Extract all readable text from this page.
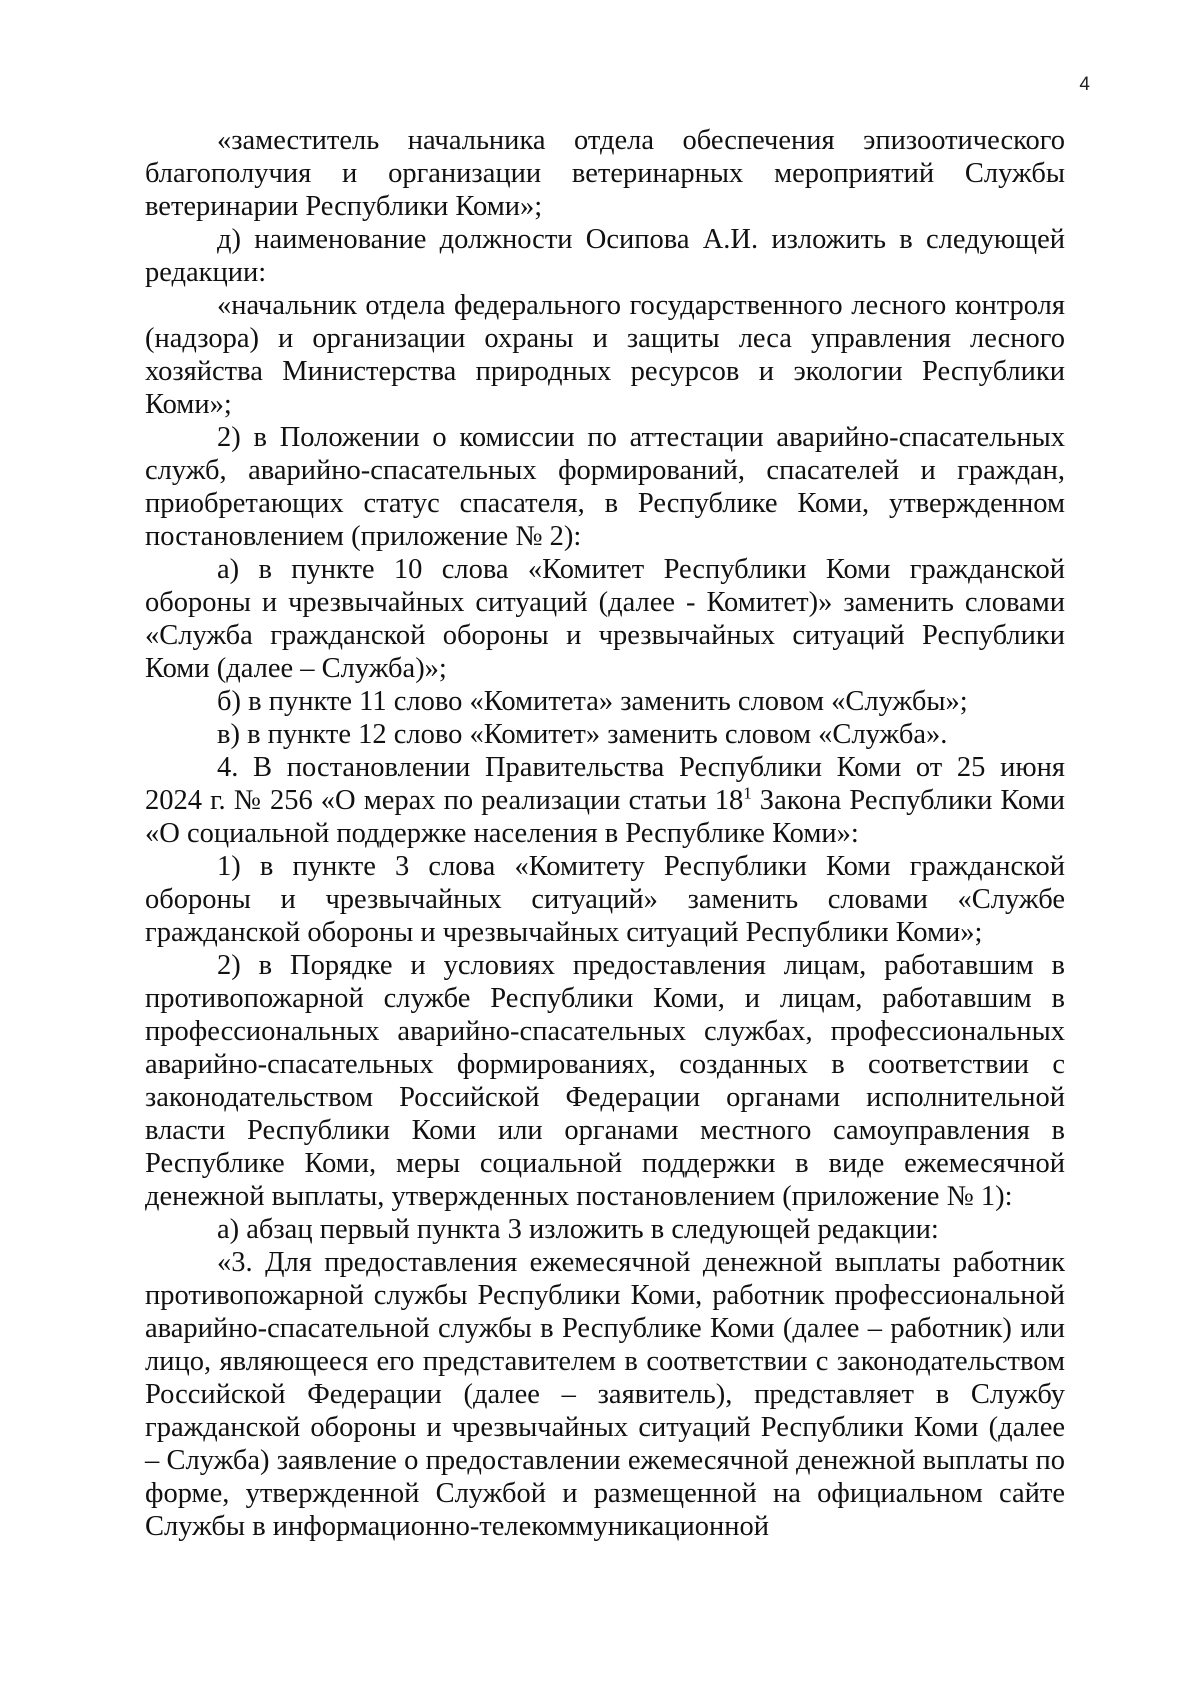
4

«заместитель начальника отдела обеспечения эпизоотического благополучия и организации ветеринарных мероприятий Службы ветеринарии Республики Коми»;

д) наименование должности Осипова А.И. изложить в следующей редакции:

«начальник отдела федерального государственного лесного контроля (надзора) и организации охраны и защиты леса управления лесного хозяйства Министерства природных ресурсов и экологии Республики Коми»;

2) в Положении о комиссии по аттестации аварийно-спасательных служб, аварийно-спасательных формирований, спасателей и граждан, приобретающих статус спасателя, в Республике Коми, утвержденном постановлением (приложение № 2):

а) в пункте 10 слова «Комитет Республики Коми гражданской обороны и чрезвычайных ситуаций (далее - Комитет)» заменить словами «Служба гражданской обороны и чрезвычайных ситуаций Республики Коми (далее – Служба)»;

б) в пункте 11 слово «Комитета» заменить словом «Службы»;

в) в пункте 12 слово «Комитет» заменить словом «Служба».

4. В постановлении Правительства Республики Коми от 25 июня 2024 г. № 256 «О мерах по реализации статьи $18^1$ Закона Республики Коми «О социальной поддержке населения в Республике Коми»:

1) в пункте 3 слова «Комитету Республики Коми гражданской обороны и чрезвычайных ситуаций» заменить словами «Службе гражданской обороны и чрезвычайных ситуаций Республики Коми»;

2) в Порядке и условиях предоставления лицам, работавшим в противопожарной службе Республики Коми, и лицам, работавшим в профессиональных аварийно-спасательных службах, профессиональных аварийно-спасательных формированиях, созданных в соответствии с законодательством Российской Федерации органами исполнительной власти Республики Коми или органами местного самоуправления в Республике Коми, меры социальной поддержки в виде ежемесячной денежной выплаты, утвержденных постановлением (приложение № 1):

а) абзац первый пункта 3 изложить в следующей редакции:

«3. Для предоставления ежемесячной денежной выплаты работник противопожарной службы Республики Коми, работник профессиональной аварийно-спасательной службы в Республике Коми (далее – работник) или лицо, являющееся его представителем в соответствии с законодательством Российской Федерации (далее – заявитель), представляет в Службу гражданской обороны и чрезвычайных ситуаций Республики Коми (далее – Служба) заявление о предоставлении ежемесячной денежной выплаты по форме, утвержденной Службой и размещенной на официальном сайте Службы в информационно-телекоммуникационной
